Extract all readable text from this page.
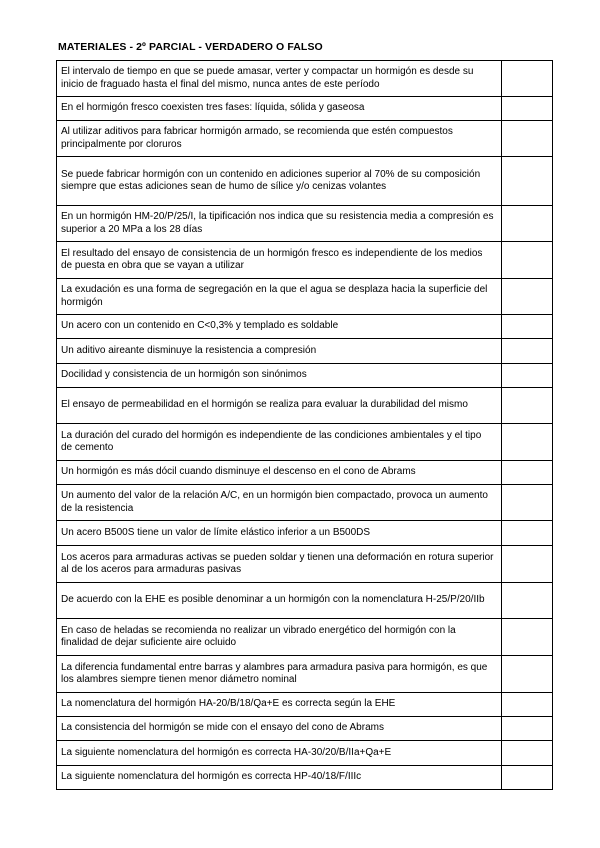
MATERIALES - 2º PARCIAL - VERDADERO O FALSO
El intervalo de tiempo en que se puede amasar, verter y compactar un hormigón es desde su inicio de fraguado hasta el final del mismo, nunca antes de este período	

En el hormigón fresco coexisten tres fases: líquida, sólida y gaseosa	

Al utilizar aditivos para fabricar hormigón armado, se recomienda que estén compuestos principalmente por cloruros	

Se puede fabricar hormigón con un contenido en adiciones superior al 70% de su composición siempre que estas adiciones sean de humo de sílice y/o cenizas volantes	

En un hormigón HM-20/P/25/I, la tipificación nos indica que su resistencia media a compresión es superior a 20 MPa a los 28 días	

El resultado del ensayo de consistencia de un hormigón fresco es independiente de los medios de puesta en obra que se vayan a utilizar	

La exudación es una forma de segregación en la que el agua se desplaza hacia la superficie del hormigón	

Un acero con un contenido en C<0,3% y templado es soldable	

Un aditivo aireante disminuye la resistencia a compresión	

Docilidad y consistencia de un hormigón son sinónimos	

El ensayo de permeabilidad en el hormigón se realiza para evaluar la durabilidad del mismo	

La duración del curado del hormigón es independiente de las condiciones ambientales y el tipo de cemento	

Un hormigón es más dócil cuando disminuye el descenso en el cono de Abrams	

Un aumento del valor de la relación A/C, en un hormigón bien compactado, provoca un aumento de la resistencia	

Un acero B500S tiene un valor de límite elástico inferior a un B500DS	

Los aceros para armaduras activas se pueden soldar y tienen una deformación en rotura superior al de los aceros para armaduras pasivas	

De acuerdo con la EHE es posible denominar a un hormigón con la nomenclatura H-25/P/20/IIb	

En caso de heladas se recomienda no realizar un vibrado energético del hormigón con la finalidad de dejar suficiente aire ocluido	

La diferencia fundamental entre barras y alambres para armadura pasiva para hormigón, es que los alambres siempre tienen menor diámetro nominal	

La nomenclatura del hormigón HA-20/B/18/Qa+E es correcta según la EHE	

La consistencia del hormigón se mide con el ensayo del cono de Abrams	

La siguiente nomenclatura del hormigón es correcta HA-30/20/B/IIa+Qa+E	

La siguiente nomenclatura del hormigón es correcta HP-40/18/F/IIIc	
